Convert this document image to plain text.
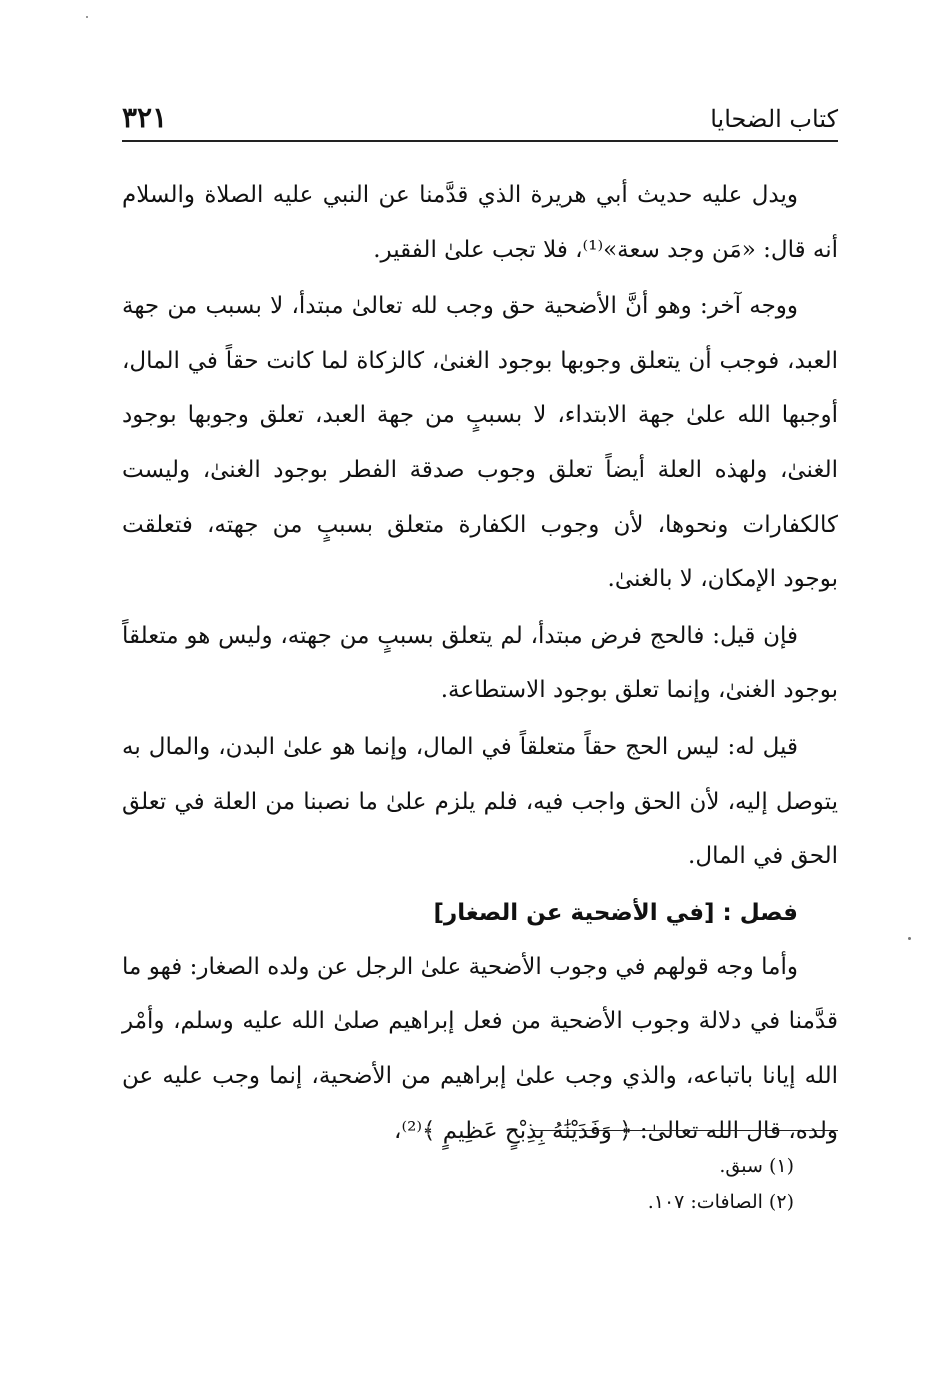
كتاب الضحايا
٣٢١

ويدل عليه حديث أبي هريرة الذي قدَّمنا عن النبي عليه الصلاة والسلام أنه قال: «مَن وجد سعة»⁽¹⁾، فلا تجب علىٰ الفقير.

ووجه آخر: وهو أنَّ الأضحية حق وجب لله تعالىٰ مبتدأ، لا بسبب من جهة العبد، فوجب أن يتعلق وجوبها بوجود الغنىٰ، كالزكاة لما كانت حقاً في المال، أوجبها الله علىٰ جهة الابتداء، لا بسببٍ من جهة العبد، تعلق وجوبها بوجود الغنىٰ، ولهذه العلة أيضاً تعلق وجوب صدقة الفطر بوجود الغنىٰ، وليست كالكفارات ونحوها، لأن وجوب الكفارة متعلق بسببٍ من جهته، فتعلقت بوجود الإمكان، لا بالغنىٰ.

فإن قيل: فالحج فرض مبتدأ، لم يتعلق بسببٍ من جهته، وليس هو متعلقاً بوجود الغنىٰ، وإنما تعلق بوجود الاستطاعة.

قيل له: ليس الحج حقاً متعلقاً في المال، وإنما هو علىٰ البدن، والمال به يتوصل إليه، لأن الحق واجب فيه، فلم يلزم علىٰ ما نصبنا من العلة في تعلق الحق في المال.

فصل : [في الأضحية عن الصغار]

وأما وجه قولهم في وجوب الأضحية علىٰ الرجل عن ولده الصغار: فهو ما قدَّمنا في دلالة وجوب الأضحية من فعل إبراهيم صلىٰ الله عليه وسلم، وأمْر الله إيانا باتباعه، والذي وجب علىٰ إبراهيم من الأضحية، إنما وجب عليه عن ولده، قال الله تعالىٰ: ﴿ وَفَدَيْنَٰهُ بِذِبْحٍ عَظِيمٍ ﴾⁽²⁾،

(١) سبق.
(٢) الصافات: ١٠٧.
